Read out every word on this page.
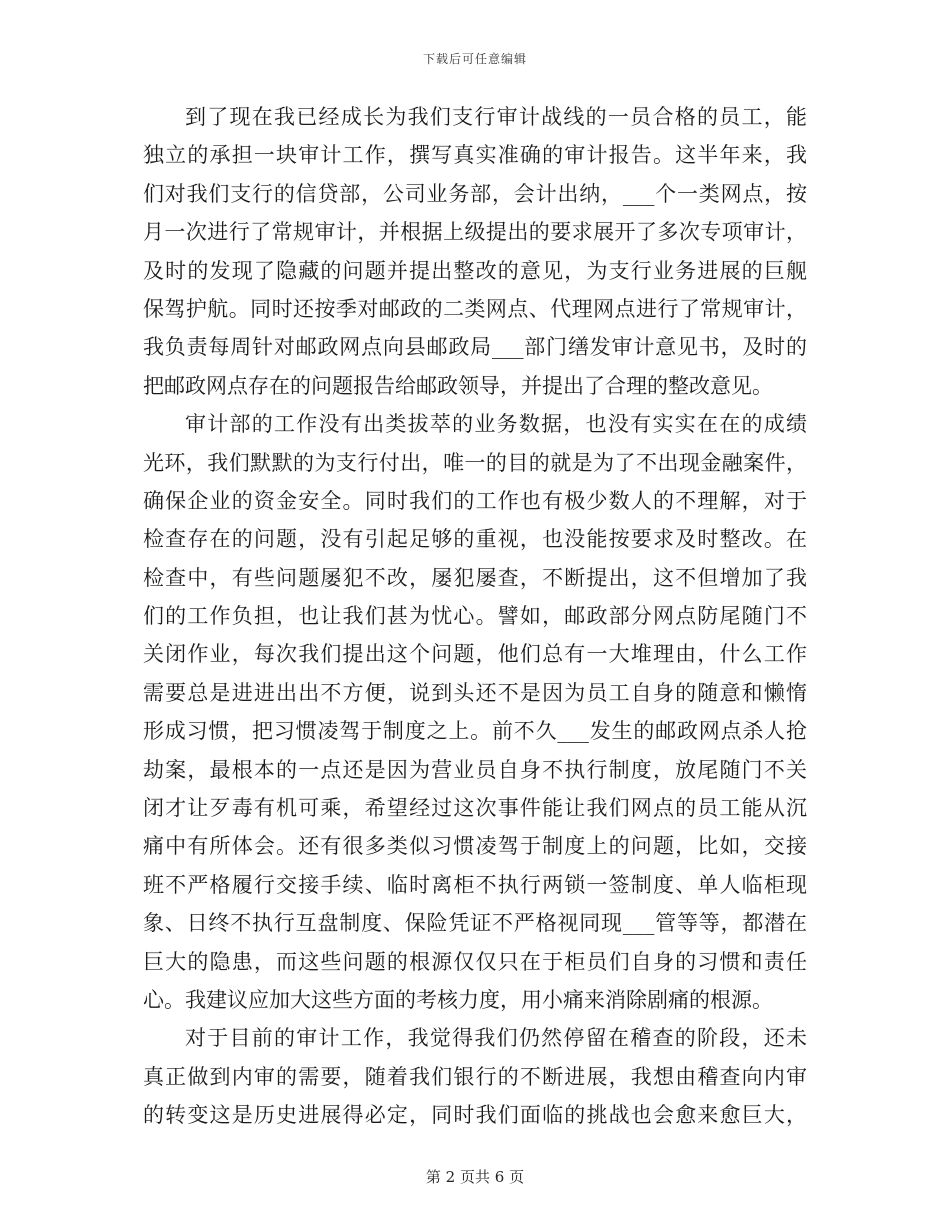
下载后可任意编辑
到了现在我已经成长为我们支行审计战线的一员合格的员工，能
独立的承担一块审计工作，撰写真实准确的审计报告。这半年来，我
们对我们支行的信贷部，公司业务部，会计出纳，___个一类网点，按
月一次进行了常规审计，并根据上级提出的要求展开了多次专项审计，
及时的发现了隐藏的问题并提出整改的意见，为支行业务进展的巨舰
保驾护航。同时还按季对邮政的二类网点、代理网点进行了常规审计，
我负责每周针对邮政网点向县邮政局___部门缮发审计意见书，及时的
把邮政网点存在的问题报告给邮政领导，并提出了合理的整改意见。
审计部的工作没有出类拔萃的业务数据，也没有实实在在的成绩
光环，我们默默的为支行付出，唯一的目的就是为了不出现金融案件，
确保企业的资金安全。同时我们的工作也有极少数人的不理解，对于
检查存在的问题，没有引起足够的重视，也没能按要求及时整改。在
检查中，有些问题屡犯不改，屡犯屡查，不断提出，这不但增加了我
们的工作负担，也让我们甚为忧心。譬如，邮政部分网点防尾随门不
关闭作业，每次我们提出这个问题，他们总有一大堆理由，什么工作
需要总是进进出出不方便，说到头还不是因为员工自身的随意和懒惰
形成习惯，把习惯凌驾于制度之上。前不久___发生的邮政网点杀人抢
劫案，最根本的一点还是因为营业员自身不执行制度，放尾随门不关
闭才让歹毒有机可乘，希望经过这次事件能让我们网点的员工能从沉
痛中有所体会。还有很多类似习惯凌驾于制度上的问题，比如，交接
班不严格履行交接手续、临时离柜不执行两锁一签制度、单人临柜现
象、日终不执行互盘制度、保险凭证不严格视同现___管等等，都潜在
巨大的隐患，而这些问题的根源仅仅只在于柜员们自身的习惯和责任
心。我建议应加大这些方面的考核力度，用小痛来消除剧痛的根源。
对于目前的审计工作，我觉得我们仍然停留在稽查的阶段，还未
真正做到内审的需要，随着我们银行的不断进展，我想由稽查向内审
的转变这是历史进展得必定，同时我们面临的挑战也会愈来愈巨大，
第 2 页共 6 页
